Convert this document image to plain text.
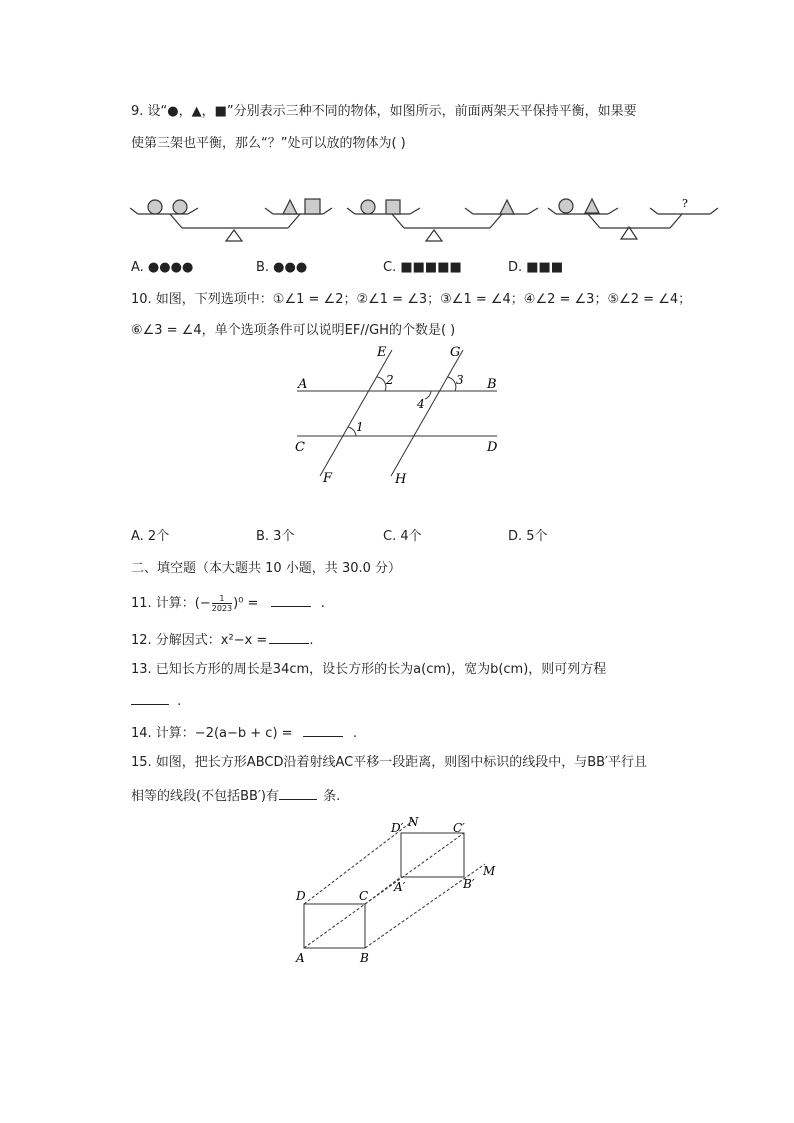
9. 设“●，▲，■”分别表示三种不同的物体，如图所示，前面两架天平保持平衡，如果要
使第三架也平衡，那么“？”处可以放的物体为( )
?
A. ●●●●	B. ●●●	C. ■■■■■	D. ■■■
10. 如图，下列选项中：①∠1 = ∠2；②∠1 = ∠3；③∠1 = ∠4；④∠2 = ∠3；⑤∠2 = ∠4；
⑥∠3 = ∠4，单个选项条件可以说明EF//GH的个数是( )
E	G
A	B
C	D
F	H
2	3
4
1
A. 2个	B. 3个	C. 4个	D. 5个
二、填空题（本大题共 10 小题，共 30.0 分）
11. 计算：(− $\frac{1}{2023} )^0$ =	.
12. 分解因式：x²−x =	.
13. 已知长方形的周长是34cm，设长方形的长为a(cm)，宽为b(cm)，则可列方程
.
14. 计算：−2(a−b + c) =	.
15. 如图，把长方形ABCD沿着射线AC平移一段距离，则图中标识的线段中，与BB′平行且
相等的线段(不包括BB′)有	条.
N
M
D′	C′
A′	B′
D	C
A	B
